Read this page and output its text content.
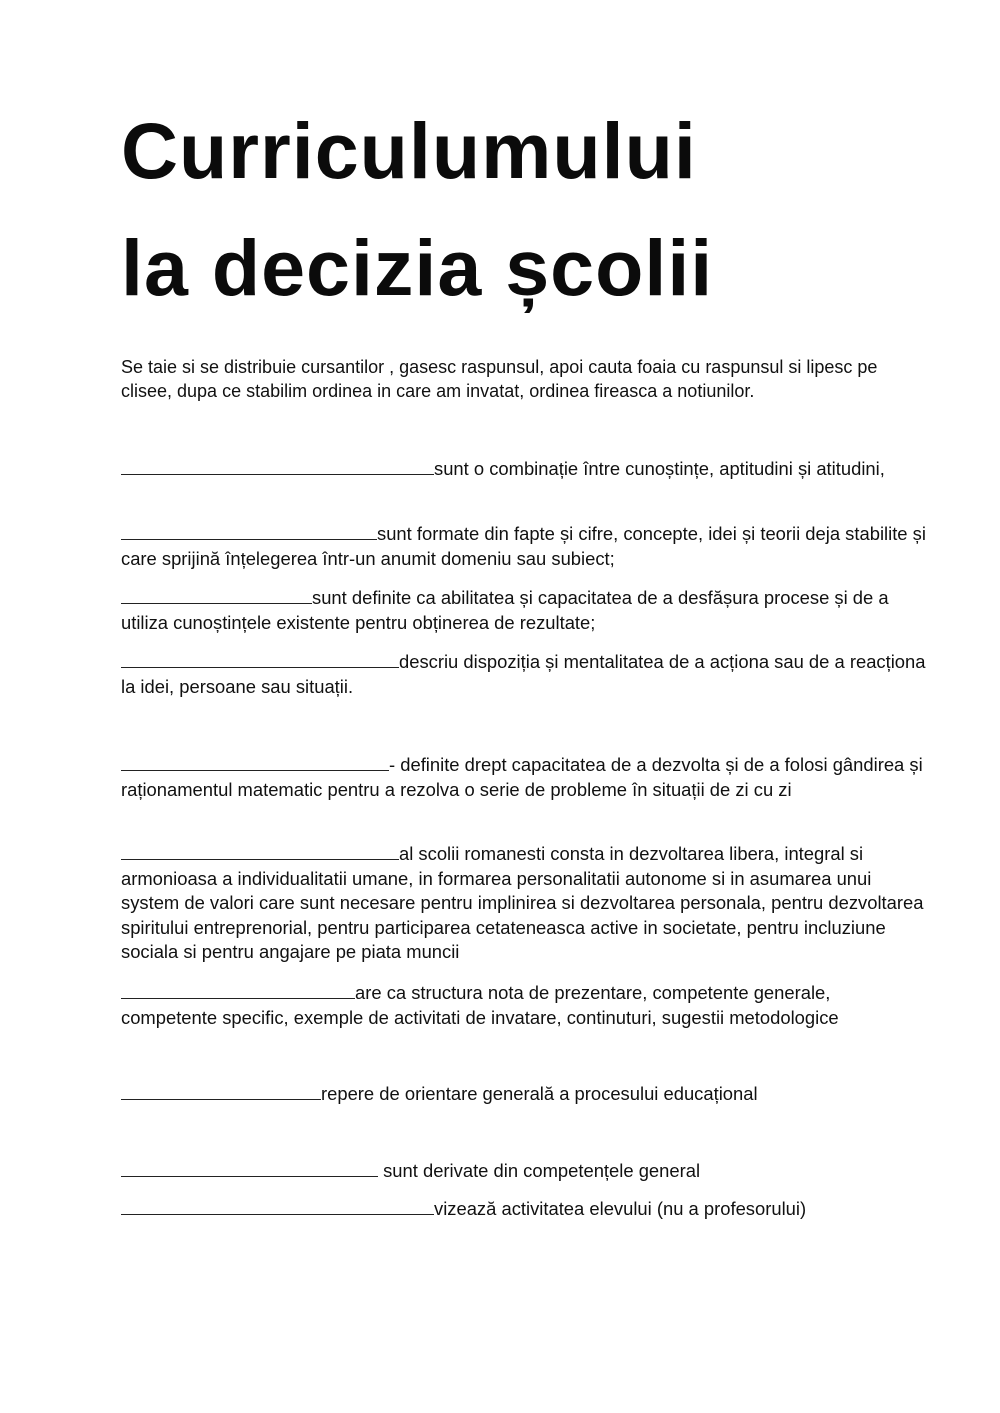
Curriculumului
la decizia școlii

Se taie si se distribuie cursantilor , gasesc raspunsul, apoi cauta foaia cu raspunsul si lipesc pe clisee, dupa ce stabilim ordinea in care am invatat, ordinea fireasca a notiunilor.

sunt o combinație între cunoștințe, aptitudini și atitudini,

sunt formate din fapte și cifre, concepte, idei și teorii deja stabilite și care sprijină înțelegerea într-un anumit domeniu sau subiect;

sunt definite ca abilitatea și capacitatea de a desfășura procese și de a utiliza cunoștințele existente pentru obținerea de rezultate;

descriu dispoziția și mentalitatea de a acționa sau de a reacționa la idei, persoane sau situații.

- definite drept capacitatea de a dezvolta și de a folosi gândirea și raționamentul matematic pentru a rezolva o serie de probleme în situații de zi cu zi

al scolii romanesti consta in dezvoltarea libera, integral si armonioasa a individualitatii umane, in formarea personalitatii autonome si in asumarea unui system de valori care sunt necesare pentru implinirea si dezvoltarea personala, pentru dezvoltarea spiritului entreprenorial, pentru participarea cetateneasca active in societate, pentru incluziune sociala si pentru angajare pe piata muncii

are ca structura nota de prezentare, competente generale, competente specific, exemple de activitati de invatare, continuturi, sugestii metodologice

repere de orientare generală a procesului educațional

sunt derivate din competențele general

vizează activitatea elevului (nu a profesorului)
